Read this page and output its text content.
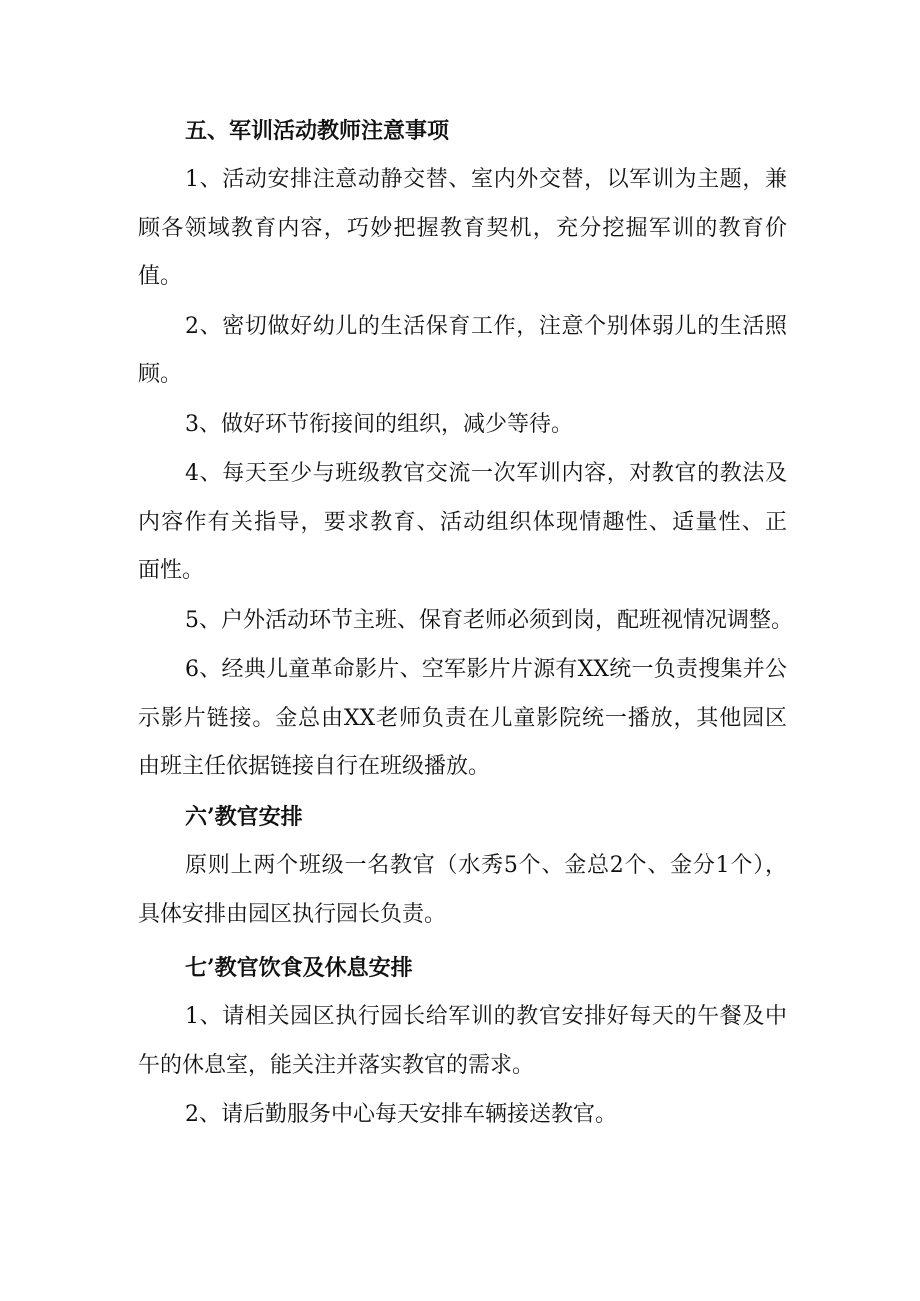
五、军训活动教师注意事项
1、活动安排注意动静交替、室内外交替，以军训为主题，兼
顾各领域教育内容，巧妙把握教育契机，充分挖掘军训的教育价
值。
2、密切做好幼儿的生活保育工作，注意个别体弱儿的生活照
顾。
3、做好环节衔接间的组织，减少等待。
4、每天至少与班级教官交流一次军训内容，对教官的教法及
内容作有关指导，要求教育、活动组织体现情趣性、适量性、正
面性。
5、户外活动环节主班、保育老师必须到岗，配班视情况调整。
6、经典儿童革命影片、空军影片片源有XX统一负责搜集并公
示影片链接。金总由XX老师负责在儿童影院统一播放，其他园区
由班主任依据链接自行在班级播放。
六’教官安排
原则上两个班级一名教官（水秀5个、金总2个、金分1个），
具体安排由园区执行园长负责。
七’教官饮食及休息安排
1、请相关园区执行园长给军训的教官安排好每天的午餐及中
午的休息室，能关注并落实教官的需求。
2、请后勤服务中心每天安排车辆接送教官。
